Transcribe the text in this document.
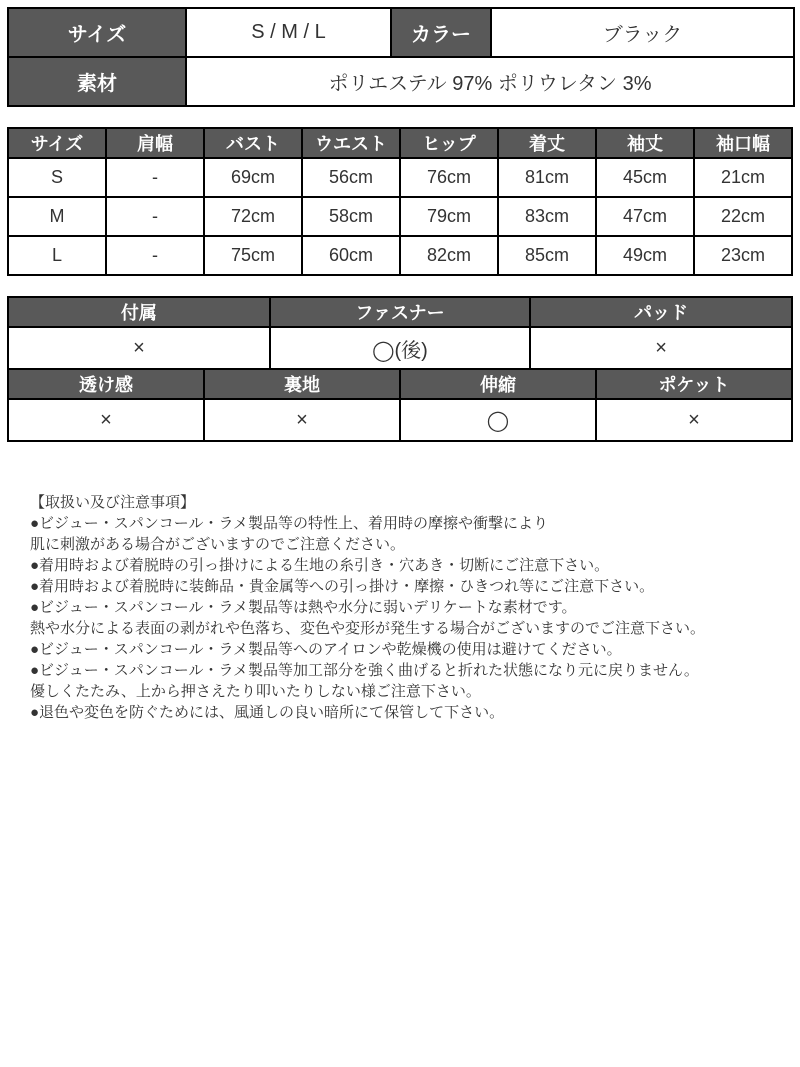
サイズ	S / M / L	カラー	ブラック
素材	ポリエステル 97% ポリウレタン 3%		
サイズ	肩幅	バスト	ウエスト	ヒップ	着丈	袖丈	袖口幅
S	-	69cm	56cm	76cm	81cm	45cm	21cm
M	-	72cm	58cm	79cm	83cm	47cm	22cm
L	-	75cm	60cm	82cm	85cm	49cm	23cm
付属	ファスナー	パッド
×	◯(後)	×
透け感	裏地	伸縮	ポケット
×	×	◯	×
【取扱い及び注意事項】
●ビジュー・スパンコール・ラメ製品等の特性上、着用時の摩擦や衝撃により
肌に刺激がある場合がございますのでご注意ください。
●着用時および着脱時の引っ掛けによる生地の糸引き・穴あき・切断にご注意下さい。
●着用時および着脱時に装飾品・貴金属等への引っ掛け・摩擦・ひきつれ等にご注意下さい。
●ビジュー・スパンコール・ラメ製品等は熱や水分に弱いデリケートな素材です。
熱や水分による表面の剥がれや色落ち、変色や変形が発生する場合がございますのでご注意下さい。
●ビジュー・スパンコール・ラメ製品等へのアイロンや乾燥機の使用は避けてください。
●ビジュー・スパンコール・ラメ製品等加工部分を強く曲げると折れた状態になり元に戻りません。
優しくたたみ、上から押さえたり叩いたりしない様ご注意下さい。
●退色や変色を防ぐためには、風通しの良い暗所にて保管して下さい。
